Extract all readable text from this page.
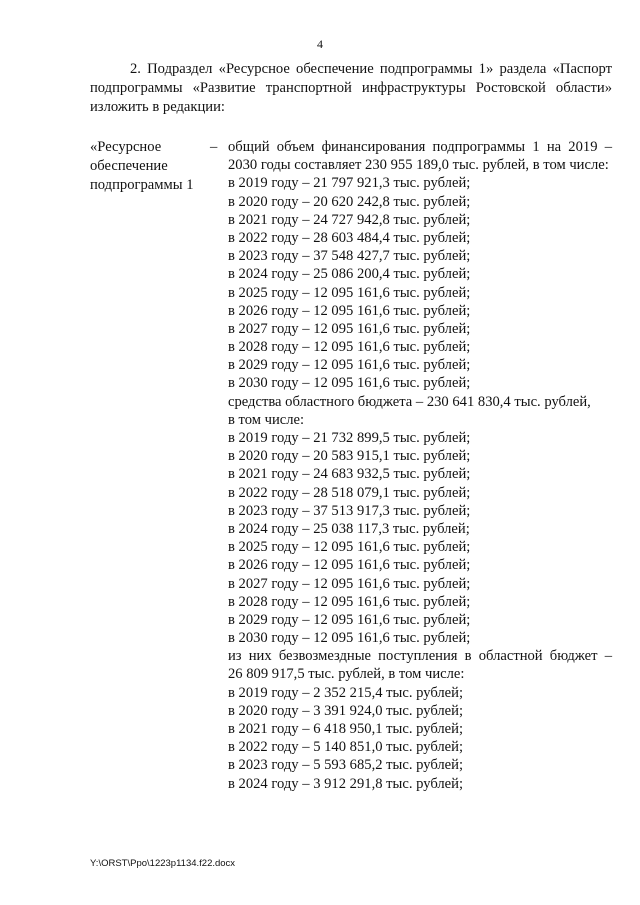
4

2. Подраздел «Ресурсное обеспечение подпрограммы 1» раздела «Паспорт подпрограммы «Развитие транспортной инфраструктуры Ростовской области» изложить в редакции:

«Ресурсное
обеспечение
подпрограммы 1
– общий объем финансирования подпрограммы 1 на 2019 –
2030 годы составляет 230 955 189,0 тыс. рублей, в том числе:
в 2019 году – 21 797 921,3 тыс. рублей;
в 2020 году – 20 620 242,8 тыс. рублей;
в 2021 году – 24 727 942,8 тыс. рублей;
в 2022 году – 28 603 484,4 тыс. рублей;
в 2023 году – 37 548 427,7 тыс. рублей;
в 2024 году – 25 086 200,4 тыс. рублей;
в 2025 году – 12 095 161,6 тыс. рублей;
в 2026 году – 12 095 161,6 тыс. рублей;
в 2027 году – 12 095 161,6 тыс. рублей;
в 2028 году – 12 095 161,6 тыс. рублей;
в 2029 году – 12 095 161,6 тыс. рублей;
в 2030 году – 12 095 161,6 тыс. рублей;
средства областного бюджета – 230 641 830,4 тыс. рублей,
в том числе:
в 2019 году – 21 732 899,5 тыс. рублей;
в 2020 году – 20 583 915,1 тыс. рублей;
в 2021 году – 24 683 932,5 тыс. рублей;
в 2022 году – 28 518 079,1 тыс. рублей;
в 2023 году – 37 513 917,3 тыс. рублей;
в 2024 году – 25 038 117,3 тыс. рублей;
в 2025 году – 12 095 161,6 тыс. рублей;
в 2026 году – 12 095 161,6 тыс. рублей;
в 2027 году – 12 095 161,6 тыс. рублей;
в 2028 году – 12 095 161,6 тыс. рублей;
в 2029 году – 12 095 161,6 тыс. рублей;
в 2030 году – 12 095 161,6 тыс. рублей;
из них безвозмездные поступления в областной бюджет –
26 809 917,5 тыс. рублей, в том числе:
в 2019 году – 2 352 215,4 тыс. рублей;
в 2020 году – 3 391 924,0 тыс. рублей;
в 2021 году – 6 418 950,1 тыс. рублей;
в 2022 году – 5 140 851,0 тыс. рублей;
в 2023 году – 5 593 685,2 тыс. рублей;
в 2024 году – 3 912 291,8 тыс. рублей;
Y:\ORST\Ppo\1223p1134.f22.docx
